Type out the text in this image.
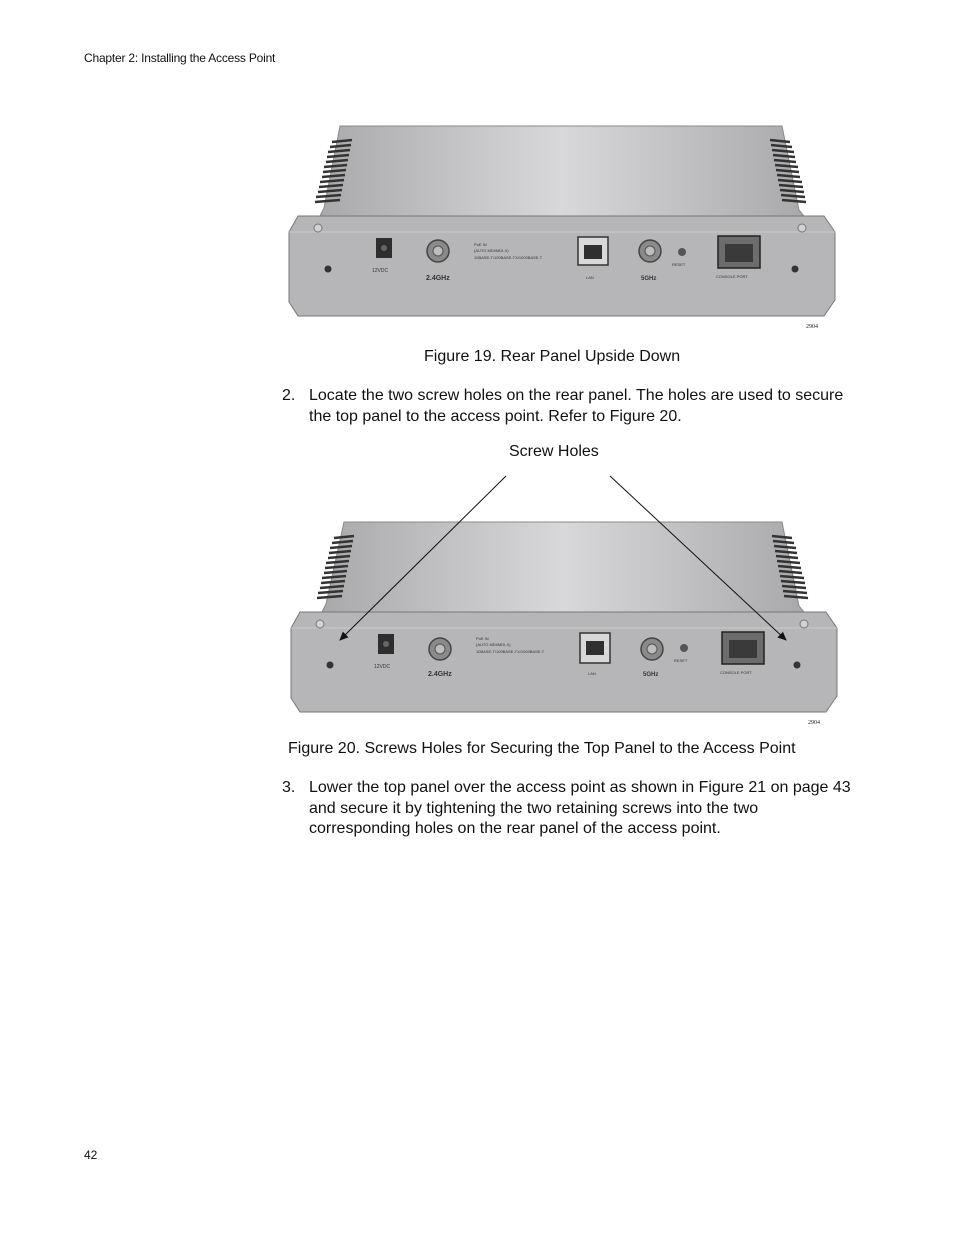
Chapter 2: Installing the Access Point
12VDC
2.4GHz
PoE IN
(AUTO MDI/MDI-X)
10BASE-T/100BASE-TX/1000BASE-T
LAN	5GHz
RESET
CONSOLE PORT
2904
Figure 19. Rear Panel Upside Down
2. Locate the two screw holes on the rear panel. The holes are used to secure the top panel to the access point. Refer to Figure 20.
Screw Holes
12VDC
2.4GHz
PoE IN
(AUTO MDI/MDI-X)
10BASE-T/100BASE-TX/1000BASE-T
LAN	5GHz
RESET
CONSOLE PORT
2904
Figure 20. Screws Holes for Securing the Top Panel to the Access Point
3. Lower the top panel over the access point as shown in Figure 21 on page 43 and secure it by tightening the two retaining screws into the two corresponding holes on the rear panel of the access point.
42
